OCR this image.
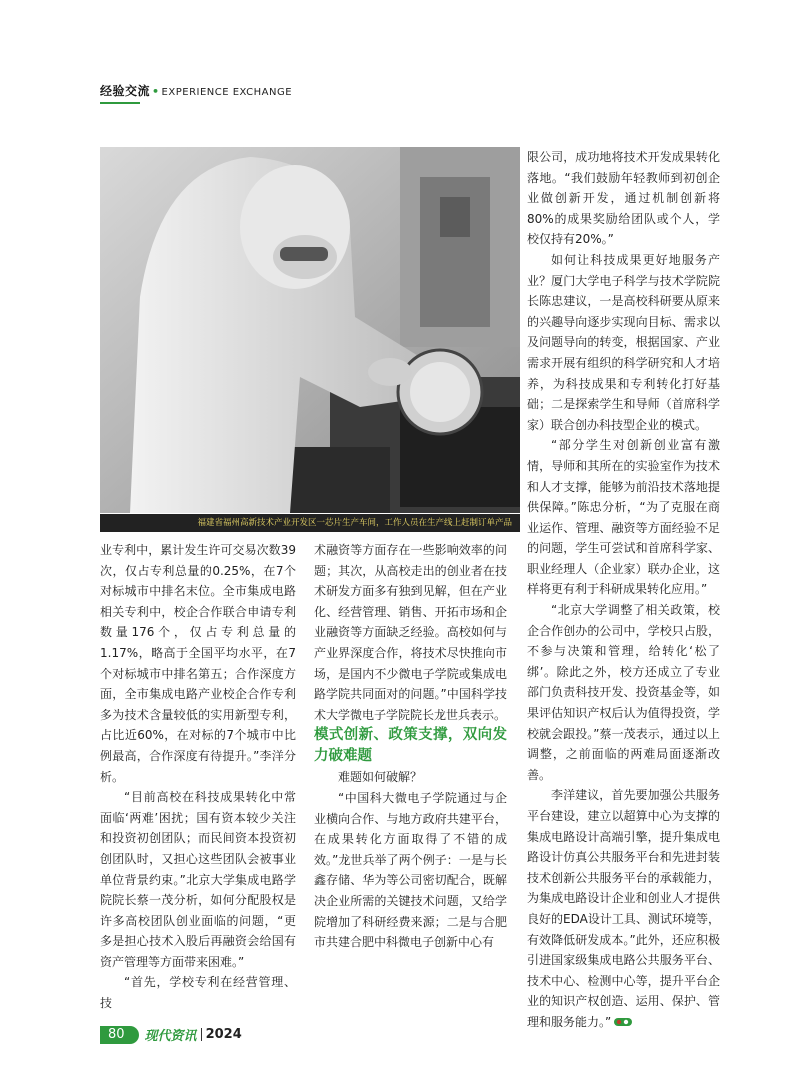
经验交流 • EXPERIENCE EXCHANGE
福建省福州高新技术产业开发区一芯片生产车间，工作人员在生产线上赶制订单产品

业专利中，累计发生许可交易次数39次，仅占专利总量的0.25%，在7个对标城市中排名末位。全市集成电路相关专利中，校企合作联合申请专利数量176个，仅占专利总量的1.17%，略高于全国平均水平，在7个对标城市中排名第五；合作深度方面，全市集成电路产业校企合作专利多为技术含量较低的实用新型专利，占比近60%，在对标的7个城市中比例最高，合作深度有待提升。”李洋分析。

“目前高校在科技成果转化中常面临‘两难’困扰；国有资本较少关注和投资初创团队；而民间资本投资初创团队时，又担心这些团队会被事业单位背景约束。”北京大学集成电路学院院长蔡一茂分析，如何分配股权是许多高校团队创业面临的问题，“更多是担心技术入股后再融资会给国有资产管理等方面带来困难。”

“首先，学校专利在经营管理、技

术融资等方面存在一些影响效率的问题；其次，从高校走出的创业者在技术研发方面多有独到见解，但在产业化、经营管理、销售、开拓市场和企业融资等方面缺乏经验。高校如何与产业界深度合作，将技术尽快推向市场，是国内不少微电子学院或集成电路学院共同面对的问题。”中国科学技术大学微电子学院院长龙世兵表示。

模式创新、政策支撑，双向发力破难题

难题如何破解？

“中国科大微电子学院通过与企业横向合作、与地方政府共建平台，在成果转化方面取得了不错的成效。”龙世兵举了两个例子：一是与长鑫存储、华为等公司密切配合，既解决企业所需的关键技术问题，又给学院增加了科研经费来源；二是与合肥市共建合肥中科微电子创新中心有

限公司，成功地将技术开发成果转化落地。“我们鼓励年轻教师到初创企业做创新开发，通过机制创新将80%的成果奖励给团队或个人，学校仅持有20%。”

如何让科技成果更好地服务产业？厦门大学电子科学与技术学院院长陈忠建议，一是高校科研要从原来的兴趣导向逐步实现向目标、需求以及问题导向的转变，根据国家、产业需求开展有组织的科学研究和人才培养，为科技成果和专利转化打好基础；二是探索学生和导师（首席科学家）联合创办科技型企业的模式。

“部分学生对创新创业富有激情，导师和其所在的实验室作为技术和人才支撑，能够为前沿技术落地提供保障。”陈忠分析，“为了克服在商业运作、管理、融资等方面经验不足的问题，学生可尝试和首席科学家、职业经理人（企业家）联办企业，这样将更有利于科研成果转化应用。”

“北京大学调整了相关政策，校企合作创办的公司中，学校只占股，不参与决策和管理，给转化‘松了绑’。除此之外，校方还成立了专业部门负责科技开发、投资基金等，如果评估知识产权后认为值得投资，学校就会跟投。”蔡一茂表示，通过以上调整，之前面临的两难局面逐渐改善。

李洋建议，首先要加强公共服务平台建设，建立以超算中心为支撑的集成电路设计高端引擎，提升集成电路设计仿真公共服务平台和先进封装技术创新公共服务平台的承载能力，为集成电路设计企业和创业人才提供良好的EDA设计工具、测试环境等，有效降低研发成本。”此外，还应积极引进国家级集成电路公共服务平台、技术中心、检测中心等，提升平台企业的知识产权创造、运用、保护、管理和服务能力。”

80 现代资讯 2024
